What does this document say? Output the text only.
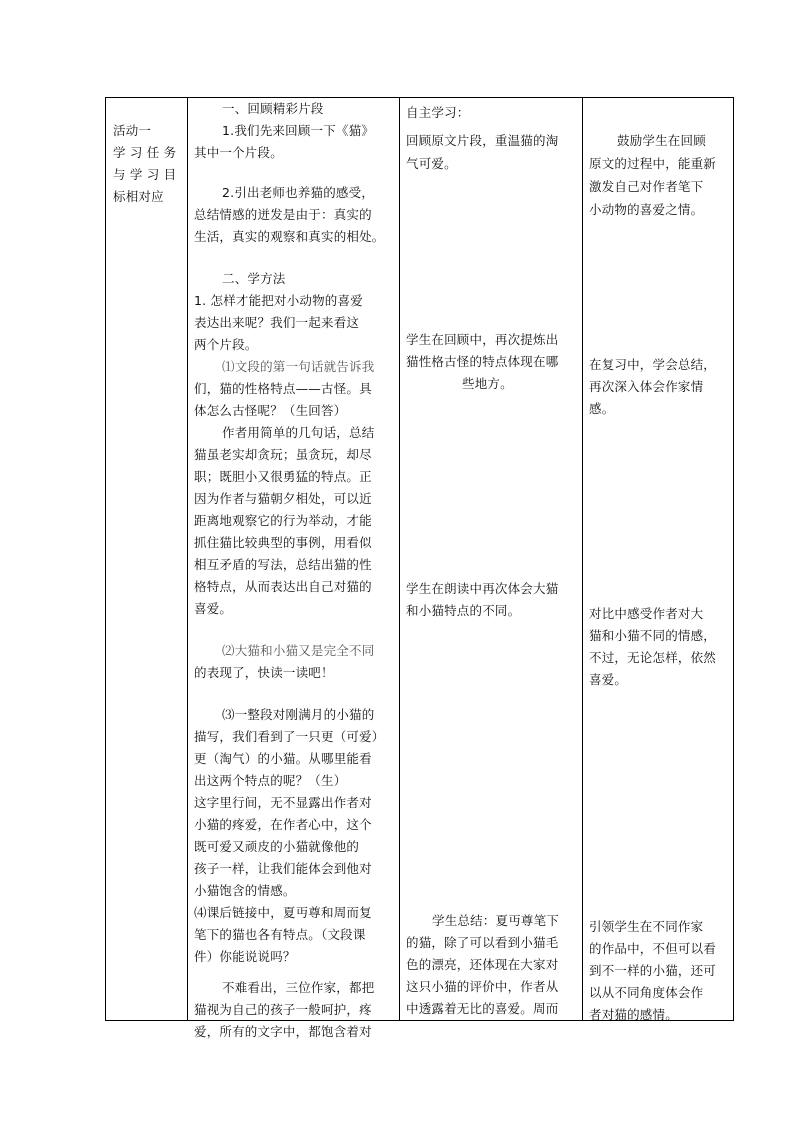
活动一
学 习 任 务
与 学 习 目
标相对应
一、回顾精彩片段
1.我们先来回顾一下《猫》
其中一个片段。
2.引出老师也养猫的感受，
总结情感的迸发是由于：真实的
生活，真实的观察和真实的相处。
二、学方法
1. 怎样才能把对小动物的喜爱
表达出来呢？我们一起来看这
两个片段。
⑴文段的第一句话就告诉我
们，猫的性格特点——古怪。具
体怎么古怪呢？（生回答）
作者用简单的几句话，总结
猫虽老实却贪玩；虽贪玩，却尽
职；既胆小又很勇猛的特点。正
因为作者与猫朝夕相处，可以近
距离地观察它的行为举动，才能
抓住猫比较典型的事例，用看似
相互矛盾的写法，总结出猫的性
格特点，从而表达出自己对猫的
喜爱。
⑵大猫和小猫又是完全不同
的表现了，快读一读吧！
⑶一整段对刚满月的小猫的
描写，我们看到了一只更（可爱）
更（淘气）的小猫。从哪里能看
出这两个特点的呢？（生）
这字里行间，无不显露出作者对
小猫的疼爱，在作者心中，这个
既可爱又顽皮的小猫就像他的
孩子一样，让我们能体会到他对
小猫饱含的情感。
⑷课后链接中，夏丏尊和周而复
笔下的猫也各有特点。（文段课
件）你能说说吗？
不难看出，三位作家，都把
猫视为自己的孩子一般呵护，疼
爱，所有的文字中，都饱含着对
自主学习：
回顾原文片段，重温猫的淘
气可爱。
学生在回顾中，再次提炼出
猫性格古怪的特点体现在哪
些地方。
学生在朗读中再次体会大猫
和小猫特点的不同。
学生总结：夏丏尊笔下
的猫，除了可以看到小猫毛
色的漂亮，还体现在大家对
这只小猫的评价中，作者从
中透露着无比的喜爱。周而
鼓励学生在回顾
原文的过程中，能重新
激发自己对作者笔下
小动物的喜爱之情。
在复习中，学会总结，
再次深入体会作家情
感。
对比中感受作者对大
猫和小猫不同的情感，
不过，无论怎样，依然
喜爱。
引领学生在不同作家
的作品中，不但可以看
到不一样的小猫，还可
以从不同角度体会作
者对猫的感情。
